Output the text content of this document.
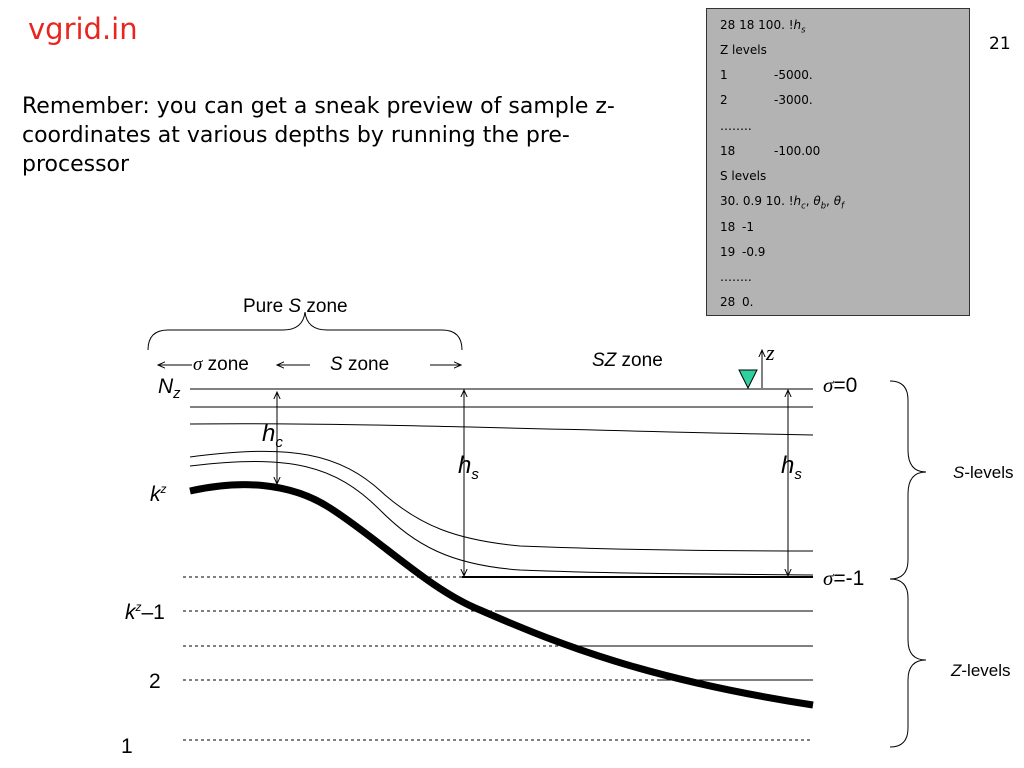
vgrid.in	21
Remember: you can get a sneak preview of sample z-coordinates at various depths by running the pre-processor
28 18 100. $!h_s$
Z levels
1	-5000.
2	-3000.
……..
18	-100.00
S levels
30. 0.9 10. $!h_c$, $\theta_b$, $\theta_f$
18 -1
19 -0.9
……..
28 0.
Pure S zone
σ zone	S zone	SZ zone	z
$N_z$
$k^z$
$k^z-1$
2
1
$h_c$
$h_s$	$h_s$
σ=0
σ=-1
S-levels
Z-levels
